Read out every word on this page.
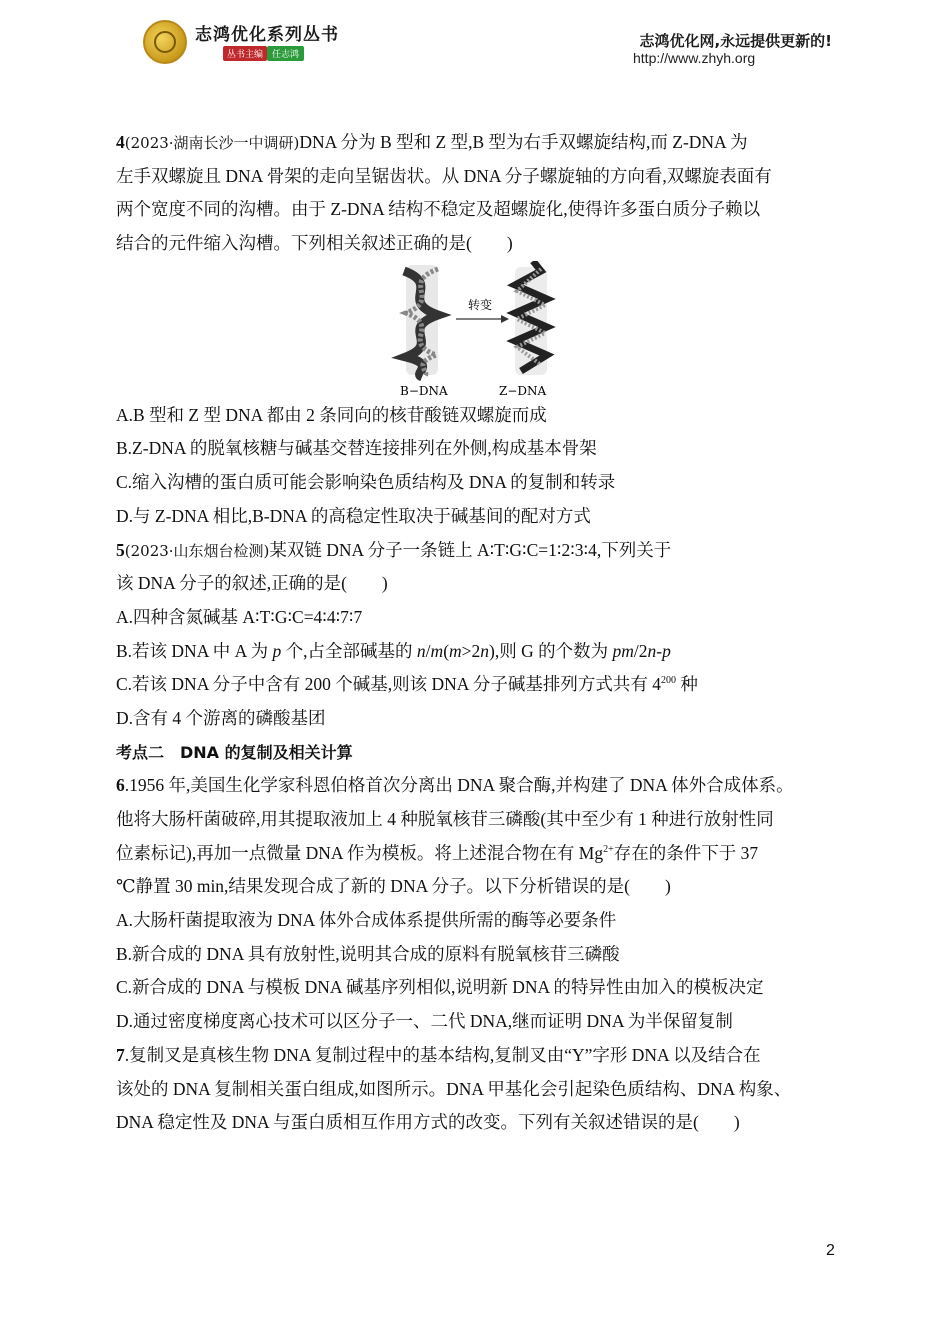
志鸿优化系列丛书
丛书主编 任志鸿
志鸿优化网,永远提供更新的!
http://www.zhyh.org
4(2023·湖南长沙一中调研)DNA 分为 B 型和 Z 型,B 型为右手双螺旋结构,而 Z-DNA 为
左手双螺旋且 DNA 骨架的走向呈锯齿状。从 DNA 分子螺旋轴的方向看,双螺旋表面有
两个宽度不同的沟槽。由于 Z-DNA 结构不稳定及超螺旋化,使得许多蛋白质分子赖以
结合的元件缩入沟槽。下列相关叙述正确的是(　　)
转变
B−DNA	Z−DNA
A.B 型和 Z 型 DNA 都由 2 条同向的核苷酸链双螺旋而成
B.Z-DNA 的脱氧核糖与碱基交替连接排列在外侧,构成基本骨架
C.缩入沟槽的蛋白质可能会影响染色质结构及 DNA 的复制和转录
D.与 Z-DNA 相比,B-DNA 的高稳定性取决于碱基间的配对方式
5(2023·山东烟台检测)某双链 DNA 分子一条链上 A∶T∶G∶C=1∶2∶3∶4,下列关于
该 DNA 分子的叙述,正确的是(　　)
A.四种含氮碱基 A∶T∶G∶C=4∶4∶7∶7
B.若该 DNA 中 A 为 p 个,占全部碱基的 n/m(m>2n),则 G 的个数为 pm/2n-p
C.若该 DNA 分子中含有 200 个碱基,则该 DNA 分子碱基排列方式共有 $4^{200}$ 种
D.含有 4 个游离的磷酸基团
考点二　DNA 的复制及相关计算
6.1956 年,美国生化学家科恩伯格首次分离出 DNA 聚合酶,并构建了 DNA 体外合成体系。
他将大肠杆菌破碎,用其提取液加上 4 种脱氧核苷三磷酸(其中至少有 1 种进行放射性同
位素标记),再加一点微量 DNA 作为模板。将上述混合物在有 $Mg^{2+}$存在的条件下于 37
℃静置 30 min,结果发现合成了新的 DNA 分子。以下分析错误的是(　　)
A.大肠杆菌提取液为 DNA 体外合成体系提供所需的酶等必要条件
B.新合成的 DNA 具有放射性,说明其合成的原料有脱氧核苷三磷酸
C.新合成的 DNA 与模板 DNA 碱基序列相似,说明新 DNA 的特异性由加入的模板决定
D.通过密度梯度离心技术可以区分子一、二代 DNA,继而证明 DNA 为半保留复制
7.复制叉是真核生物 DNA 复制过程中的基本结构,复制叉由“Y”字形 DNA 以及结合在
该处的 DNA 复制相关蛋白组成,如图所示。DNA 甲基化会引起染色质结构、DNA 构象、
DNA 稳定性及 DNA 与蛋白质相互作用方式的改变。下列有关叙述错误的是(　　)
2
